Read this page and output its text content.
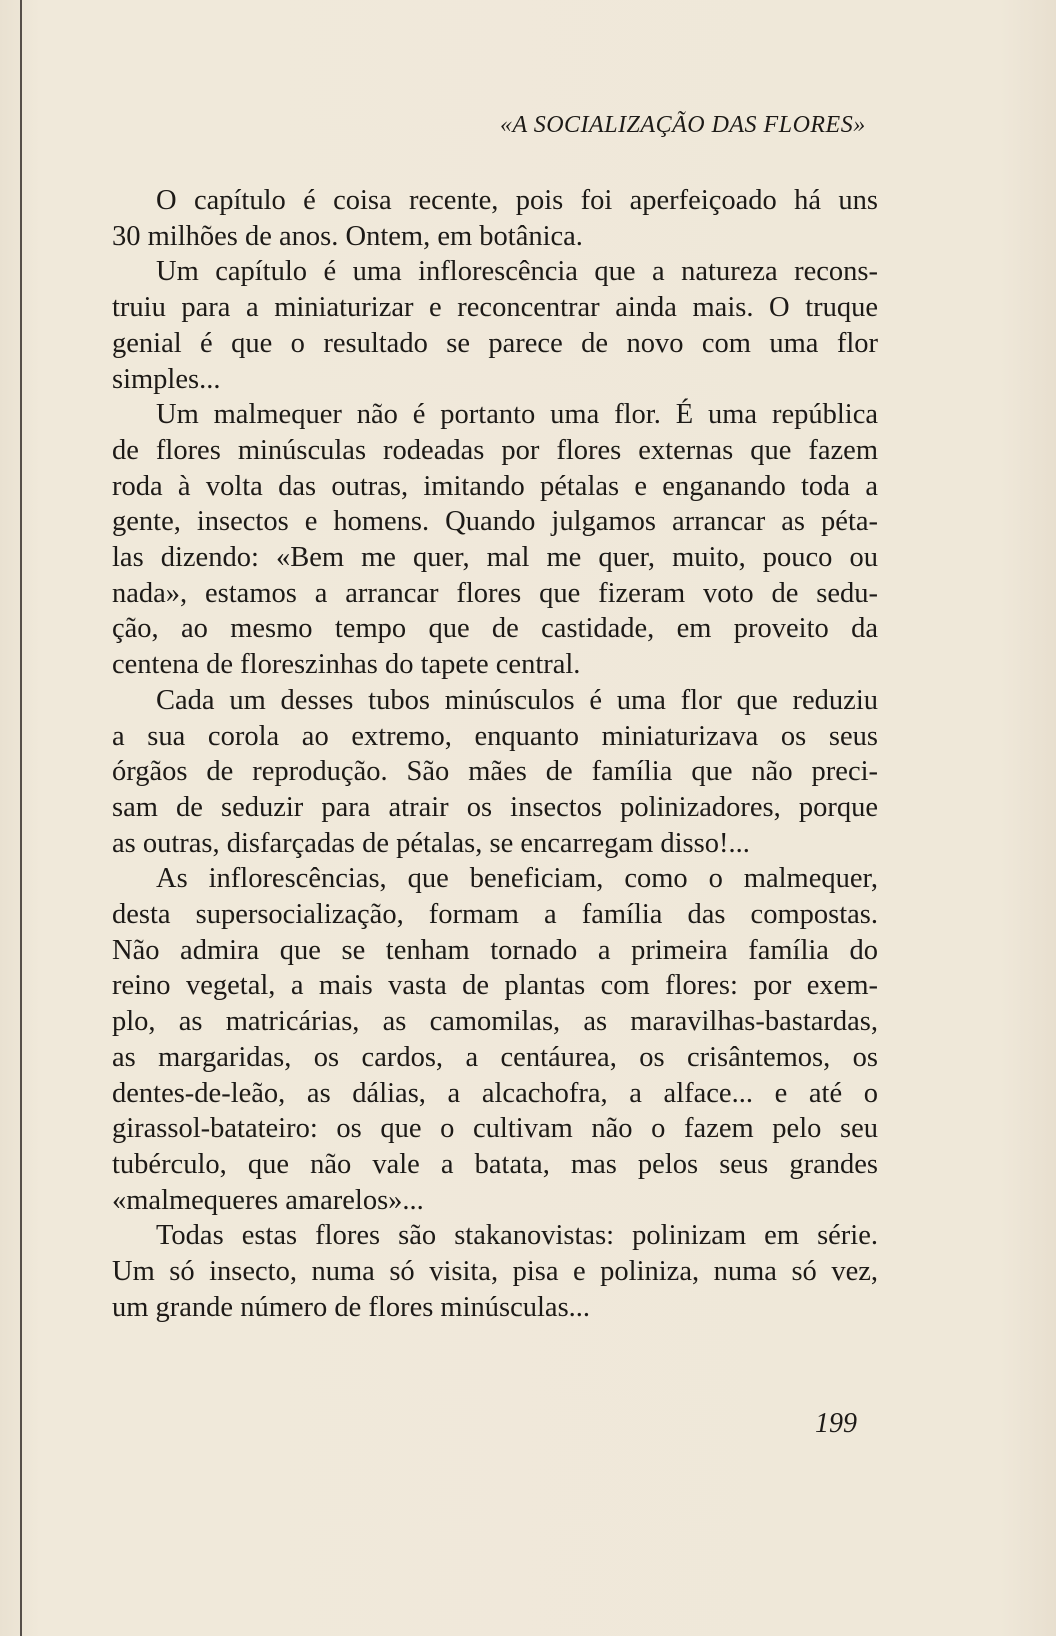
«A SOCIALIZAÇÃO DAS FLORES»

O capítulo é coisa recente, pois foi aperfeiçoado há uns
30 milhões de anos. Ontem, em botânica.

Um capítulo é uma inflorescência que a natureza recons-
truiu para a miniaturizar e reconcentrar ainda mais. O truque
genial é que o resultado se parece de novo com uma flor
simples...

Um malmequer não é portanto uma flor. É uma república
de flores minúsculas rodeadas por flores externas que fazem
roda à volta das outras, imitando pétalas e enganando toda a
gente, insectos e homens. Quando julgamos arrancar as péta-
las dizendo: «Bem me quer, mal me quer, muito, pouco ou
nada», estamos a arrancar flores que fizeram voto de sedu-
ção, ao mesmo tempo que de castidade, em proveito da
centena de floreszinhas do tapete central.

Cada um desses tubos minúsculos é uma flor que reduziu
a sua corola ao extremo, enquanto miniaturizava os seus
órgãos de reprodução. São mães de família que não preci-
sam de seduzir para atrair os insectos polinizadores, porque
as outras, disfarçadas de pétalas, se encarregam disso!...

As inflorescências, que beneficiam, como o malmequer,
desta supersocialização, formam a família das compostas.
Não admira que se tenham tornado a primeira família do
reino vegetal, a mais vasta de plantas com flores: por exem-
plo, as matricárias, as camomilas, as maravilhas-bastardas,
as margaridas, os cardos, a centáurea, os crisântemos, os
dentes-de-leão, as dálias, a alcachofra, a alface... e até o
girassol-batateiro: os que o cultivam não o fazem pelo seu
tubérculo, que não vale a batata, mas pelos seus grandes
«malmequeres amarelos»...

Todas estas flores são stakanovistas: polinizam em série.
Um só insecto, numa só visita, pisa e poliniza, numa só vez,
um grande número de flores minúsculas...

199
